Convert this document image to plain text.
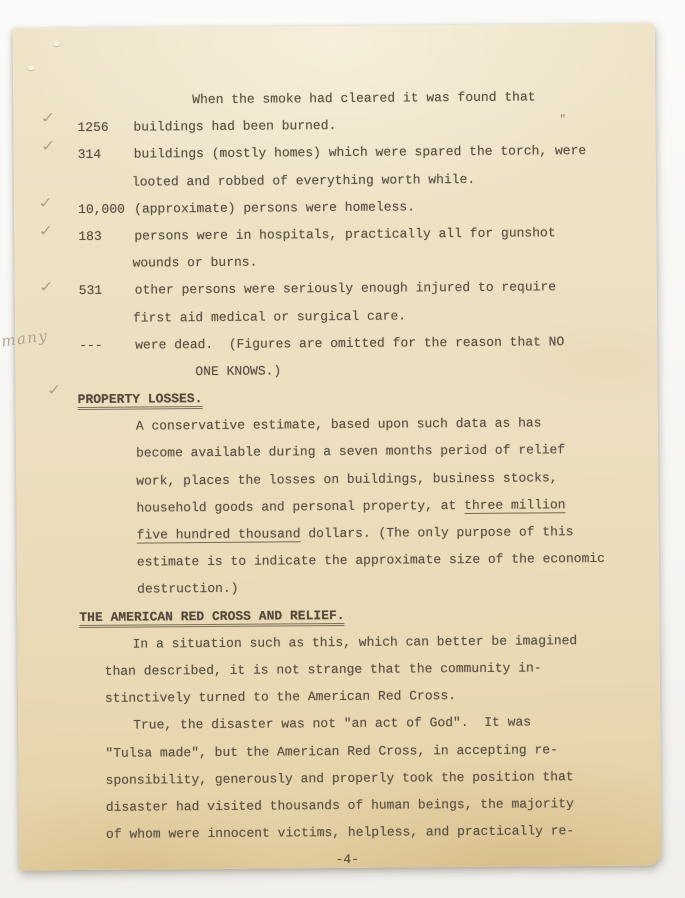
When the smoke had cleared it was found that
1256	buildings had been burned.
314	buildings (mostly homes) which were spared the torch, were
looted and robbed of everything worth while.
10,000 (approximate) persons were homeless.
183	persons were in hospitals, practically all for gunshot
wounds or burns.
531	other persons were seriously enough injured to require
first aid medical or surgical care.
---	were dead.  (Figures are omitted for the reason that NO
ONE KNOWS.)
PROPERTY LOSSES.
A conservative estimate, based upon such data as has
become available during a seven months period of relief
work, places the losses on buildings, business stocks,
household goods and personal property, at three million
five hundred thousand dollars. (The only purpose of this
estimate is to indicate the approximate size of the economic
destruction.)
THE AMERICAN RED CROSS AND RELIEF.
In a situation such as this, which can better be imagined
than described, it is not strange that the community in-
stinctively turned to the American Red Cross.
True, the disaster was not "an act of God".  It was
"Tulsa made", but the American Red Cross, in accepting re-
sponsibility, generously and properly took the position that
disaster had visited thousands of human beings, the majority
of whom were innocent victims, helpless, and practically re-
-4-
✓
✓
✓
✓
✓
✓
many
"
